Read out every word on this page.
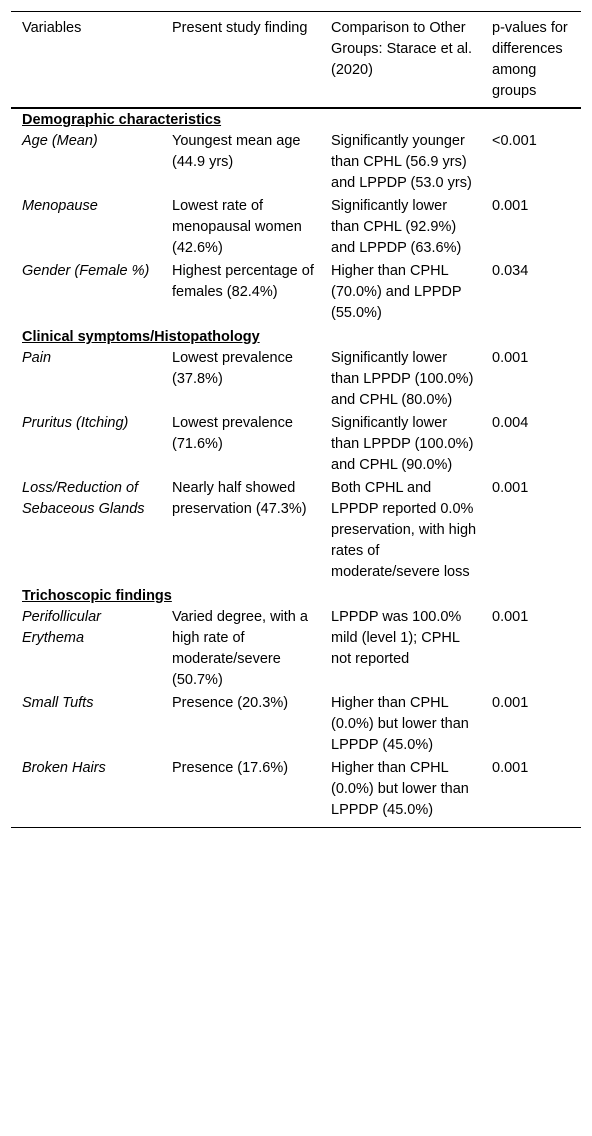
Variables	Present study finding	Comparison to Other Groups: Starace et al. (2020)	p-values for differences among groups
Demographic characteristics			
Age (Mean)	Youngest mean age (44.9 yrs)	Significantly younger than CPHL (56.9 yrs) and LPPDP (53.0 yrs)	<0.001
Menopause	Lowest rate of menopausal women (42.6%)	Significantly lower than CPHL (92.9%) and LPPDP (63.6%)	0.001
Gender (Female %)	Highest percentage of females (82.4%)	Higher than CPHL (70.0%) and LPPDP (55.0%)	0.034
Clinical symptoms/Histopathology			
Pain	Lowest prevalence (37.8%)	Significantly lower than LPPDP (100.0%) and CPHL (80.0%)	0.001
Pruritus (Itching)	Lowest prevalence (71.6%)	Significantly lower than LPPDP (100.0%) and CPHL (90.0%)	0.004
Loss/Reduction of Sebaceous Glands	Nearly half showed preservation (47.3%)	Both CPHL and LPPDP reported 0.0% preservation, with high rates of moderate/severe loss	0.001
Trichoscopic findings			
Perifollicular Erythema	Varied degree, with a high rate of moderate/severe (50.7%)	LPPDP was 100.0% mild (level 1); CPHL not reported	0.001
Small Tufts	Presence (20.3%)	Higher than CPHL (0.0%) but lower than LPPDP (45.0%)	0.001
Broken Hairs	Presence (17.6%)	Higher than CPHL (0.0%) but lower than LPPDP (45.0%)	0.001
